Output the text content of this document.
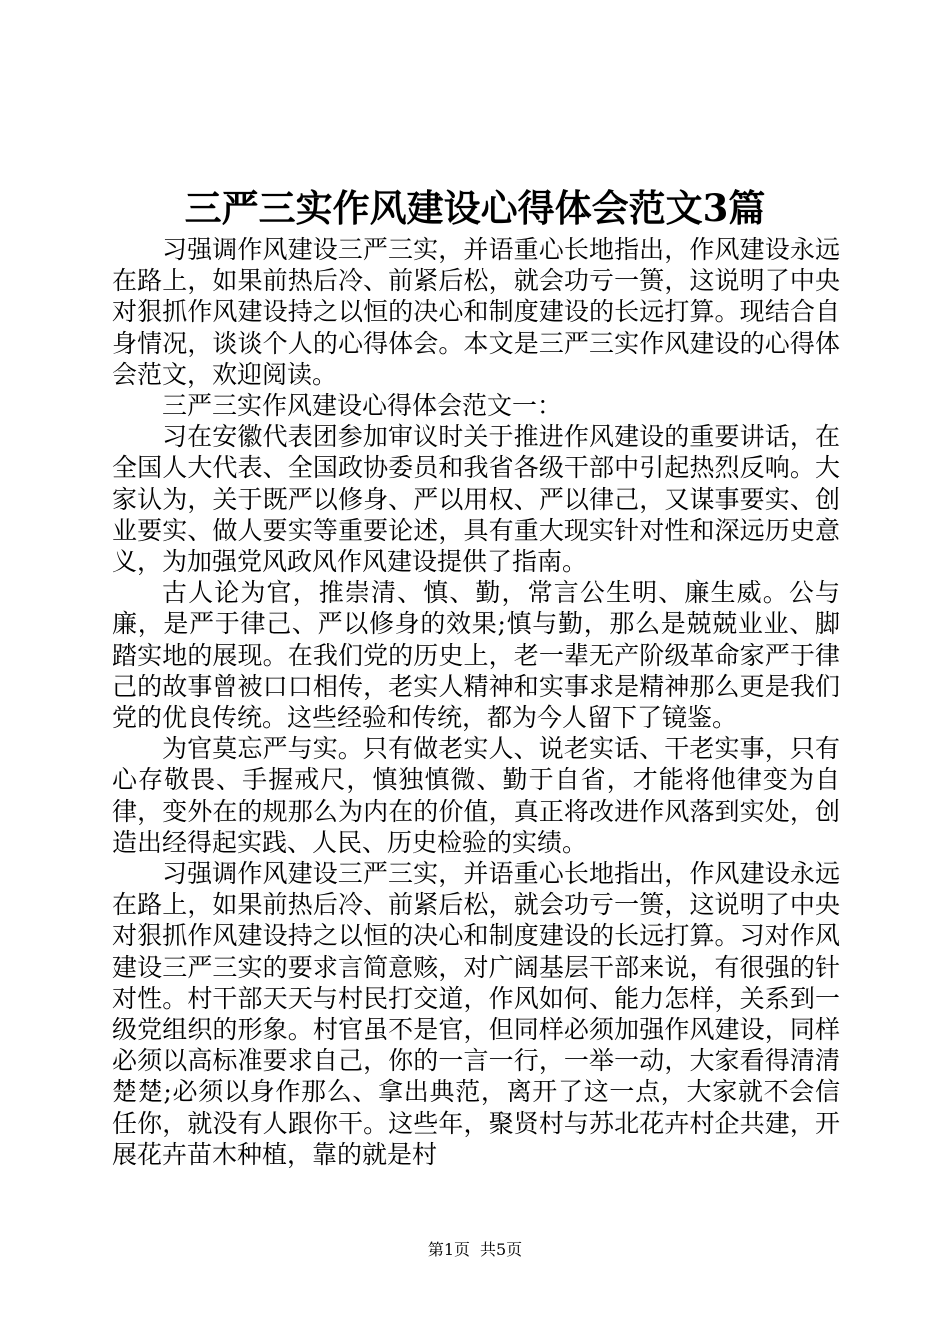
三严三实作风建设心得体会范文3篇

习强调作风建设三严三实，并语重心长地指出，作风建设永远在路上，如果前热后冷、前紧后松，就会功亏一篑，这说明了中央对狠抓作风建设持之以恒的决心和制度建设的长远打算。现结合自身情况，谈谈个人的心得体会。本文是三严三实作风建设的心得体会范文，欢迎阅读。

三严三实作风建设心得体会范文一：

习在安徽代表团参加审议时关于推进作风建设的重要讲话，在全国人大代表、全国政协委员和我省各级干部中引起热烈反响。大家认为，关于既严以修身、严以用权、严以律己，又谋事要实、创业要实、做人要实等重要论述，具有重大现实针对性和深远历史意义，为加强党风政风作风建设提供了指南。

古人论为官，推崇清、慎、勤，常言公生明、廉生威。公与廉，是严于律己、严以修身的效果;慎与勤，那么是兢兢业业、脚踏实地的展现。在我们党的历史上，老一辈无产阶级革命家严于律己的故事曾被口口相传，老实人精神和实事求是精神那么更是我们党的优良传统。这些经验和传统，都为今人留下了镜鉴。

为官莫忘严与实。只有做老实人、说老实话、干老实事，只有心存敬畏、手握戒尺，慎独慎微、勤于自省，才能将他律变为自律，变外在的规那么为内在的价值，真正将改进作风落到实处，创造出经得起实践、人民、历史检验的实绩。

习强调作风建设三严三实，并语重心长地指出，作风建设永远在路上，如果前热后冷、前紧后松，就会功亏一篑，这说明了中央对狠抓作风建设持之以恒的决心和制度建设的长远打算。习对作风建设三严三实的要求言简意赅，对广阔基层干部来说，有很强的针对性。村干部天天与村民打交道，作风如何、能力怎样，关系到一级党组织的形象。村官虽不是官，但同样必须加强作风建设，同样必须以高标准要求自己，你的一言一行，一举一动，大家看得清清楚楚;必须以身作那么、拿出典范，离开了这一点，大家就不会信任你，就没有人跟你干。这些年，聚贤村与苏北花卉村企共建，开展花卉苗木种植，靠的就是村

第1页 共5页
